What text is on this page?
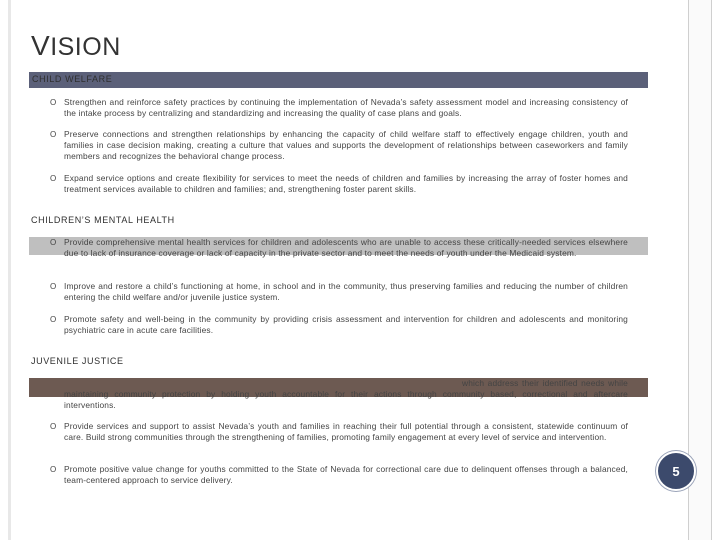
VISION
CHILD WELFARE
O Strengthen and reinforce safety practices by continuing the implementation of Nevada’s safety assessment model and increasing consistency of the intake process by centralizing and standardizing and increasing the quality of case plans and goals.
O Preserve connections and strengthen relationships by enhancing the capacity of child welfare staff to effectively engage children, youth and families in case decision making, creating a culture that values and supports the development of relationships between caseworkers and family members and recognizes the behavioral change process.
O Expand service options and create flexibility for services to meet the needs of children and families by increasing the array of foster homes and treatment services available to children and families; and, strengthening foster parent skills.
CHILDREN’S MENTAL HEALTH
O Provide comprehensive mental health services for children and adolescents who are unable to access these critically-needed services elsewhere due to lack of insurance coverage or lack of capacity in the private sector and to meet the needs of youth under the Medicaid system.
O Improve and restore a child’s functioning at home, in school and in the community, thus preserving families and reducing the number of children entering the child welfare and/or juvenile justice system.
O Promote safety and well-being in the community by providing crisis assessment and intervention for children and adolescents and monitoring psychiatric care in acute care facilities.
JUVENILE JUSTICE
which address their identified needs while maintaining community protection by holding youth accountable for their actions through community based, correctional and aftercare interventions.
O Provide services and support to assist Nevada’s youth and families in reaching their full potential through a consistent, statewide continuum of care. Build strong communities through the strengthening of families, promoting family engagement at every level of service and intervention.
O Promote positive value change for youths committed to the State of Nevada for correctional care due to delinquent offenses through a balanced, team-centered approach to service delivery.
5
